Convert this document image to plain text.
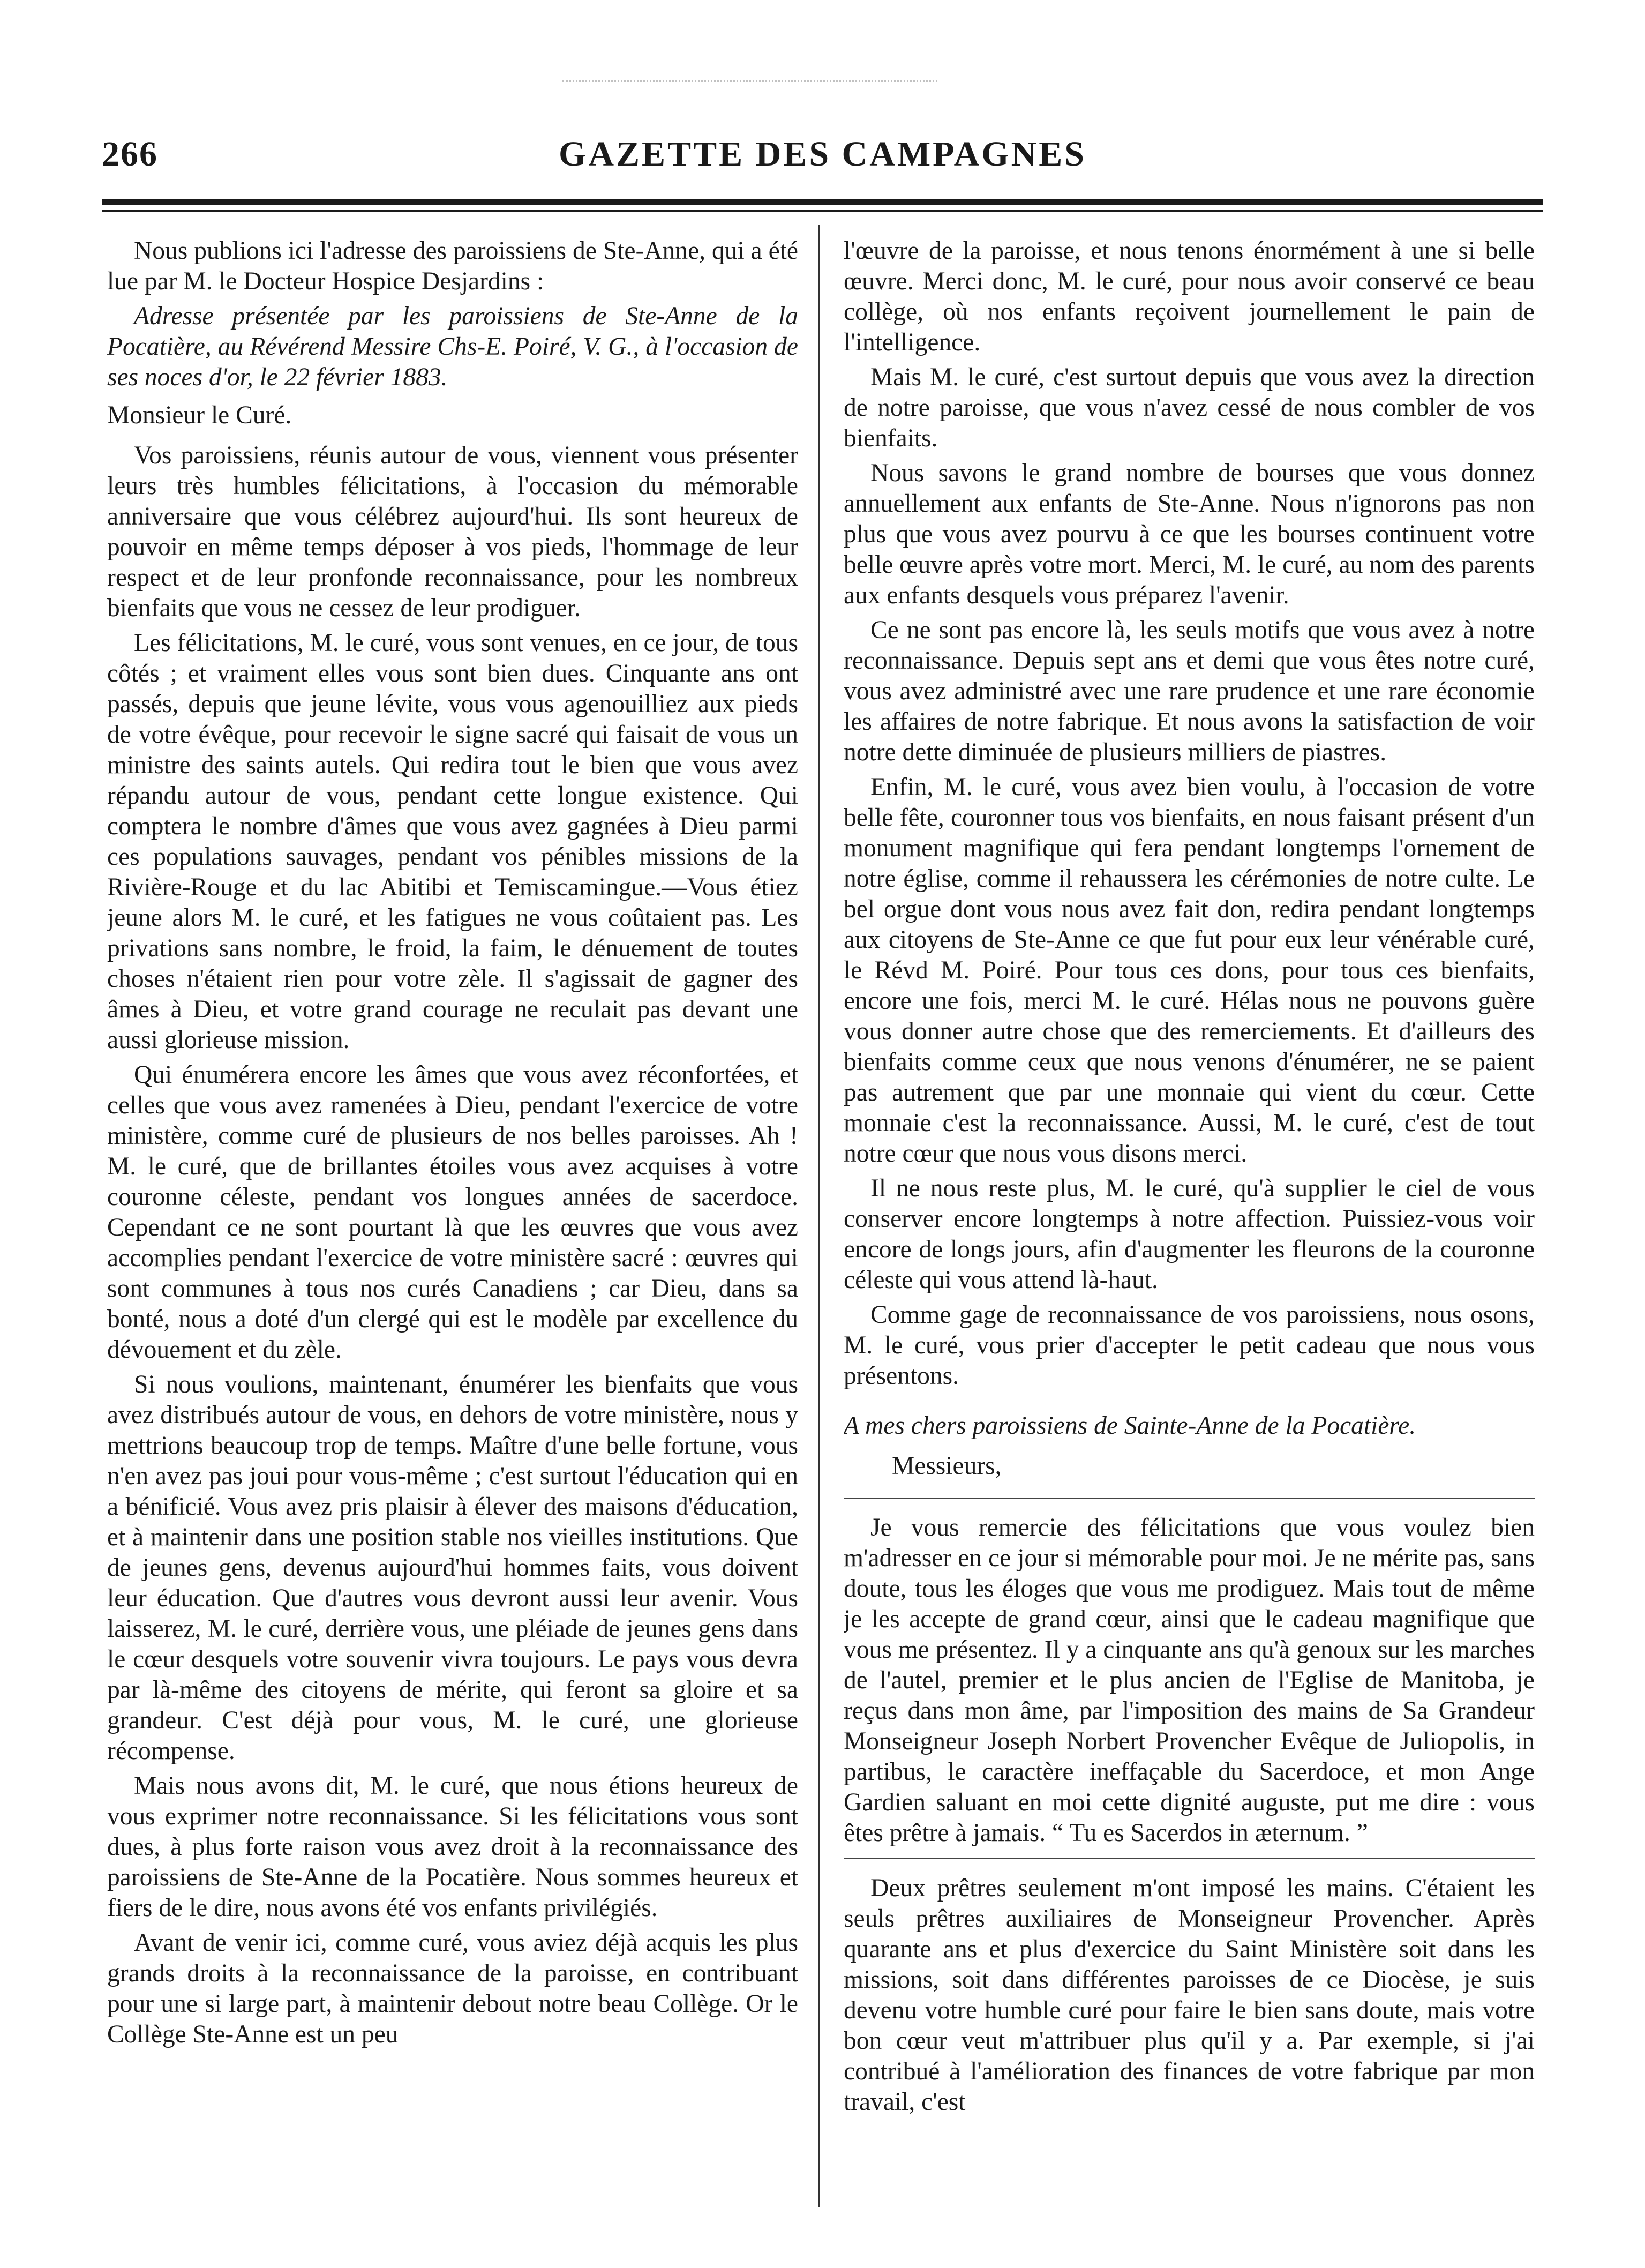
266	GAZETTE DES CAMPAGNES

Nous publions ici l'adresse des paroissiens de Ste-Anne, qui a été lue par M. le Docteur Hospice Desjardins :

Adresse présentée par les paroissiens de Ste-Anne de la Pocatière, au Révérend Messire Chs-E. Poiré, V. G., à l'occasion de ses noces d'or, le 22 février 1883.

Monsieur le Curé.

Vos paroissiens, réunis autour de vous, viennent vous présenter leurs très humbles félicitations, à l'occasion du mémorable anniversaire que vous célébrez aujourd'hui. Ils sont heureux de pouvoir en même temps déposer à vos pieds, l'hommage de leur respect et de leur pronfonde reconnaissance, pour les nombreux bienfaits que vous ne cessez de leur prodiguer.

Les félicitations, M. le curé, vous sont venues, en ce jour, de tous côtés ; et vraiment elles vous sont bien dues. Cinquante ans ont passés, depuis que jeune lévite, vous vous agenouilliez aux pieds de votre évêque, pour recevoir le signe sacré qui faisait de vous un ministre des saints autels. Qui redira tout le bien que vous avez répandu autour de vous, pendant cette longue existence. Qui comptera le nombre d'âmes que vous avez gagnées à Dieu parmi ces populations sauvages, pendant vos pénibles missions de la Rivière-Rouge et du lac Abitibi et Temiscamingue.—Vous étiez jeune alors M. le curé, et les fatigues ne vous coûtaient pas. Les privations sans nombre, le froid, la faim, le dénuement de toutes choses n'étaient rien pour votre zèle. Il s'agissait de gagner des âmes à Dieu, et votre grand courage ne reculait pas devant une aussi glorieuse mission.

Qui énumérera encore les âmes que vous avez réconfortées, et celles que vous avez ramenées à Dieu, pendant l'exercice de votre ministère, comme curé de plusieurs de nos belles paroisses. Ah ! M. le curé, que de brillantes étoiles vous avez acquises à votre couronne céleste, pendant vos longues années de sacerdoce. Cependant ce ne sont pourtant là que les œuvres que vous avez accomplies pendant l'exercice de votre ministère sacré : œuvres qui sont communes à tous nos curés Canadiens ; car Dieu, dans sa bonté, nous a doté d'un clergé qui est le modèle par excellence du dévouement et du zèle.

Si nous voulions, maintenant, énumérer les bienfaits que vous avez distribués autour de vous, en dehors de votre ministère, nous y mettrions beaucoup trop de temps. Maître d'une belle fortune, vous n'en avez pas joui pour vous-même ; c'est surtout l'éducation qui en a bénificié. Vous avez pris plaisir à élever des maisons d'éducation, et à maintenir dans une position stable nos vieilles institutions. Que de jeunes gens, devenus aujourd'hui hommes faits, vous doivent leur éducation. Que d'autres vous devront aussi leur avenir. Vous laisserez, M. le curé, derrière vous, une pléiade de jeunes gens dans le cœur desquels votre souvenir vivra toujours. Le pays vous devra par là-même des citoyens de mérite, qui feront sa gloire et sa grandeur. C'est déjà pour vous, M. le curé, une glorieuse récompense.

Mais nous avons dit, M. le curé, que nous étions heureux de vous exprimer notre reconnaissance. Si les félicitations vous sont dues, à plus forte raison vous avez droit à la reconnaissance des paroissiens de Ste-Anne de la Pocatière. Nous sommes heureux et fiers de le dire, nous avons été vos enfants privilégiés.

Avant de venir ici, comme curé, vous aviez déjà acquis les plus grands droits à la reconnaissance de la paroisse, en contribuant pour une si large part, à maintenir debout notre beau Collège. Or le Collège Ste-Anne est un peu

l'œuvre de la paroisse, et nous tenons énormément à une si belle œuvre. Merci donc, M. le curé, pour nous avoir conservé ce beau collège, où nos enfants reçoivent journellement le pain de l'intelligence.

Mais M. le curé, c'est surtout depuis que vous avez la direction de notre paroisse, que vous n'avez cessé de nous combler de vos bienfaits.

Nous savons le grand nombre de bourses que vous donnez annuellement aux enfants de Ste-Anne. Nous n'ignorons pas non plus que vous avez pourvu à ce que les bourses continuent votre belle œuvre après votre mort. Merci, M. le curé, au nom des parents aux enfants desquels vous préparez l'avenir.

Ce ne sont pas encore là, les seuls motifs que vous avez à notre reconnaissance. Depuis sept ans et demi que vous êtes notre curé, vous avez administré avec une rare prudence et une rare économie les affaires de notre fabrique. Et nous avons la satisfaction de voir notre dette diminuée de plusieurs milliers de piastres.

Enfin, M. le curé, vous avez bien voulu, à l'occasion de votre belle fête, couronner tous vos bienfaits, en nous faisant présent d'un monument magnifique qui fera pendant longtemps l'ornement de notre église, comme il rehaussera les cérémonies de notre culte. Le bel orgue dont vous nous avez fait don, redira pendant longtemps aux citoyens de Ste-Anne ce que fut pour eux leur vénérable curé, le Révd M. Poiré. Pour tous ces dons, pour tous ces bienfaits, encore une fois, merci M. le curé. Hélas nous ne pouvons guère vous donner autre chose que des remerciements. Et d'ailleurs des bienfaits comme ceux que nous venons d'énumérer, ne se paient pas autrement que par une monnaie qui vient du cœur. Cette monnaie c'est la reconnaissance. Aussi, M. le curé, c'est de tout notre cœur que nous vous disons merci.

Il ne nous reste plus, M. le curé, qu'à supplier le ciel de vous conserver encore longtemps à notre affection. Puissiez-vous voir encore de longs jours, afin d'augmenter les fleurons de la couronne céleste qui vous attend là-haut.

Comme gage de reconnaissance de vos paroissiens, nous osons, M. le curé, vous prier d'accepter le petit cadeau que nous vous présentons.

A mes chers paroissiens de Sainte-Anne de la Pocatière.

Messieurs,

Je vous remercie des félicitations que vous voulez bien m'adresser en ce jour si mémorable pour moi. Je ne mérite pas, sans doute, tous les éloges que vous me prodiguez. Mais tout de même je les accepte de grand cœur, ainsi que le cadeau magnifique que vous me présentez. Il y a cinquante ans qu'à genoux sur les marches de l'autel, premier et le plus ancien de l'Eglise de Manitoba, je reçus dans mon âme, par l'imposition des mains de Sa Grandeur Monseigneur Joseph Norbert Provencher Evêque de Juliopolis, in partibus, le caractère ineffaçable du Sacerdoce, et mon Ange Gardien saluant en moi cette dignité auguste, put me dire : vous êtes prêtre à jamais. “ Tu es Sacerdos in æternum. ”

Deux prêtres seulement m'ont imposé les mains. C'étaient les seuls prêtres auxiliaires de Monseigneur Provencher. Après quarante ans et plus d'exercice du Saint Ministère soit dans les missions, soit dans différentes paroisses de ce Diocèse, je suis devenu votre humble curé pour faire le bien sans doute, mais votre bon cœur veut m'attribuer plus qu'il y a. Par exemple, si j'ai contribué à l'amélioration des finances de votre fabrique par mon travail, c'est
